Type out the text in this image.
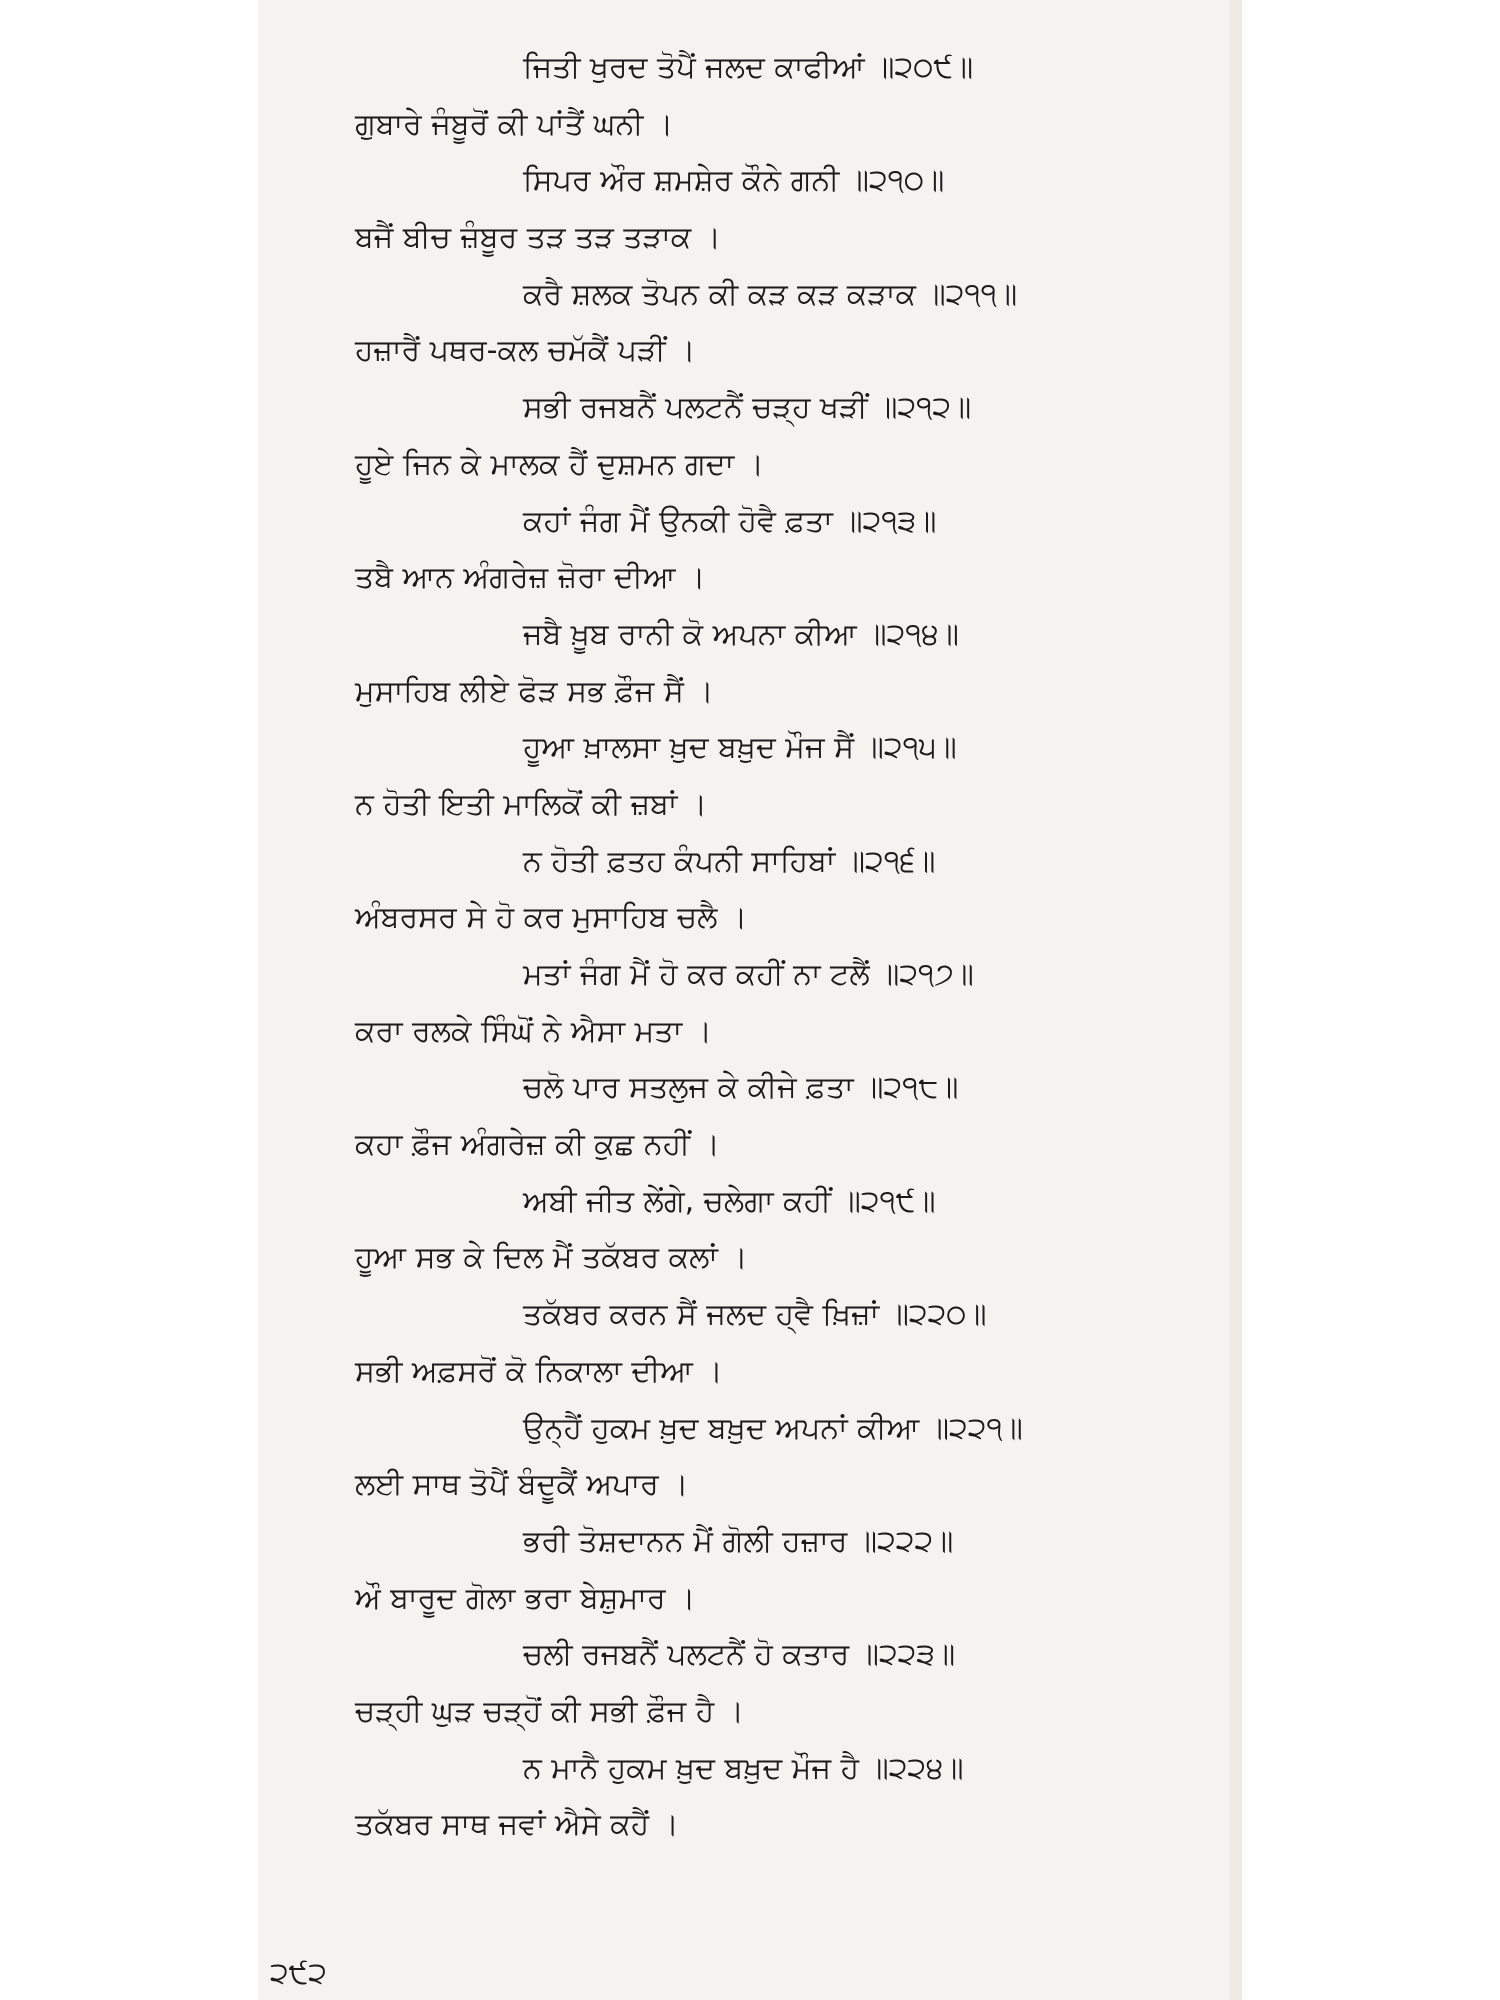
ਜਿਤੀ ਖੁਰਦ ਤੋਪੈਂ ਜਲਦ ਕਾਫੀਆਂ ॥੨੦੯॥
ਗੁਬਾਰੇ ਜੰਬੂਰੋਂ ਕੀ ਪਾਂਤੈਂ ਘਨੀ ।
ਸਿਪਰ ਔਰ ਸ਼ਮਸ਼ੇਰ ਕੌਨੇ ਗਨੀ ॥੨੧੦॥
ਬਜੈਂ ਬੀਚ ਜ਼ੰਬੂਰ ਤੜ ਤੜ ਤੜਾਕ ।
ਕਰੈ ਸ਼ਲਕ ਤੋਪਨ ਕੀ ਕੜ ਕੜ ਕੜਾਕ ॥੨੧੧॥
ਹਜ਼ਾਰੈਂ ਪਥਰ-ਕਲ ਚਮੱਕੈਂ ਪੜੀਂ ।
ਸਭੀ ਰਜਬਨੈਂ ਪਲਟਨੈਂ ਚੜ੍ਹ ਖੜੀਂ ॥੨੧੨॥
ਹੂਏ ਜਿਨ ਕੇ ਮਾਲਕ ਹੈਂ ਦੁਸ਼ਮਨ ਗਦਾ ।
ਕਹਾਂ ਜੰਗ ਮੈਂ ਉਨਕੀ ਹੋਵੈ ਫ਼ਤਾ ॥੨੧੩॥
ਤਬੈ ਆਨ ਅੰਗਰੇਜ਼ ਜ਼ੋਰਾ ਦੀਆ ।
ਜਬੈ ਖ਼ੂਬ ਰਾਨੀ ਕੋ ਅਪਨਾ ਕੀਆ ॥੨੧੪॥
ਮੁਸਾਹਿਬ ਲੀਏ ਫੋੜ ਸਭ ਫ਼ੌਜ ਸੈਂ ।
ਹੂਆ ਖ਼ਾਲਸਾ ਖ਼ੁਦ ਬਖ਼ੁਦ ਮੌਜ ਸੈਂ ॥੨੧੫॥
ਨ ਹੋਤੀ ਇਤੀ ਮਾਲਿਕੋਂ ਕੀ ਜ਼ਬਾਂ ।
ਨ ਹੋਤੀ ਫ਼ਤਹ ਕੰਪਨੀ ਸਾਹਿਬਾਂ ॥੨੧੬॥
ਅੰਬਰਸਰ ਸੇ ਹੋ ਕਰ ਮੁਸਾਹਿਬ ਚਲੈ ।
ਮਤਾਂ ਜੰਗ ਮੈਂ ਹੋ ਕਰ ਕਹੀਂ ਨਾ ਟਲੈਂ ॥੨੧੭॥
ਕਰਾ ਰਲਕੇ ਸਿੰਘੋਂ ਨੇ ਐਸਾ ਮਤਾ ।
ਚਲੋ ਪਾਰ ਸਤਲੁਜ ਕੇ ਕੀਜੇ ਫ਼ਤਾ ॥੨੧੮॥
ਕਹਾ ਫ਼ੌਜ ਅੰਗਰੇਜ਼ ਕੀ ਕੁਛ ਨਹੀਂ ।
ਅਬੀ ਜੀਤ ਲੇਂਗੇ, ਚਲੇਗਾ ਕਹੀਂ ॥੨੧੯॥
ਹੂਆ ਸਭ ਕੇ ਦਿਲ ਮੈਂ ਤਕੱਬਰ ਕਲਾਂ ।
ਤਕੱਬਰ ਕਰਨ ਸੈਂ ਜਲਦ ਹ੍ਵੈ ਖ਼ਿਜ਼ਾਂ ॥੨੨੦॥
ਸਭੀ ਅਫ਼ਸਰੋਂ ਕੋ ਨਿਕਾਲਾ ਦੀਆ ।
ਉਨ੍ਹੈਂ ਹੁਕਮ ਖ਼ੁਦ ਬਖ਼ੁਦ ਅਪਨਾਂ ਕੀਆ ॥੨੨੧॥
ਲਈ ਸਾਥ ਤੋਪੈਂ ਬੰਦੂਕੈਂ ਅਪਾਰ ।
ਭਰੀ ਤੋਸ਼ਦਾਨਨ ਮੈਂ ਗੋਲੀ ਹਜ਼ਾਰ ॥੨੨੨॥
ਔ ਬਾਰੂਦ ਗੋਲਾ ਭਰਾ ਬੇਸ਼ੁਮਾਰ ।
ਚਲੀ ਰਜਬਨੈਂ ਪਲਟਨੈਂ ਹੋ ਕਤਾਰ ॥੨੨੩॥
ਚੜ੍ਹੀ ਘੁੜ ਚੜ੍ਹੋਂ ਕੀ ਸਭੀ ਫ਼ੌਜ ਹੈ ।
ਨ ਮਾਨੈ ਹੁਕਮ ਖ਼ੁਦ ਬਖ਼ੁਦ ਮੌਜ ਹੈ ॥੨੨੪॥
ਤਕੱਬਰ ਸਾਥ ਜਵਾਂ ਐਸੇ ਕਹੈਂ ।
੨੯੨
